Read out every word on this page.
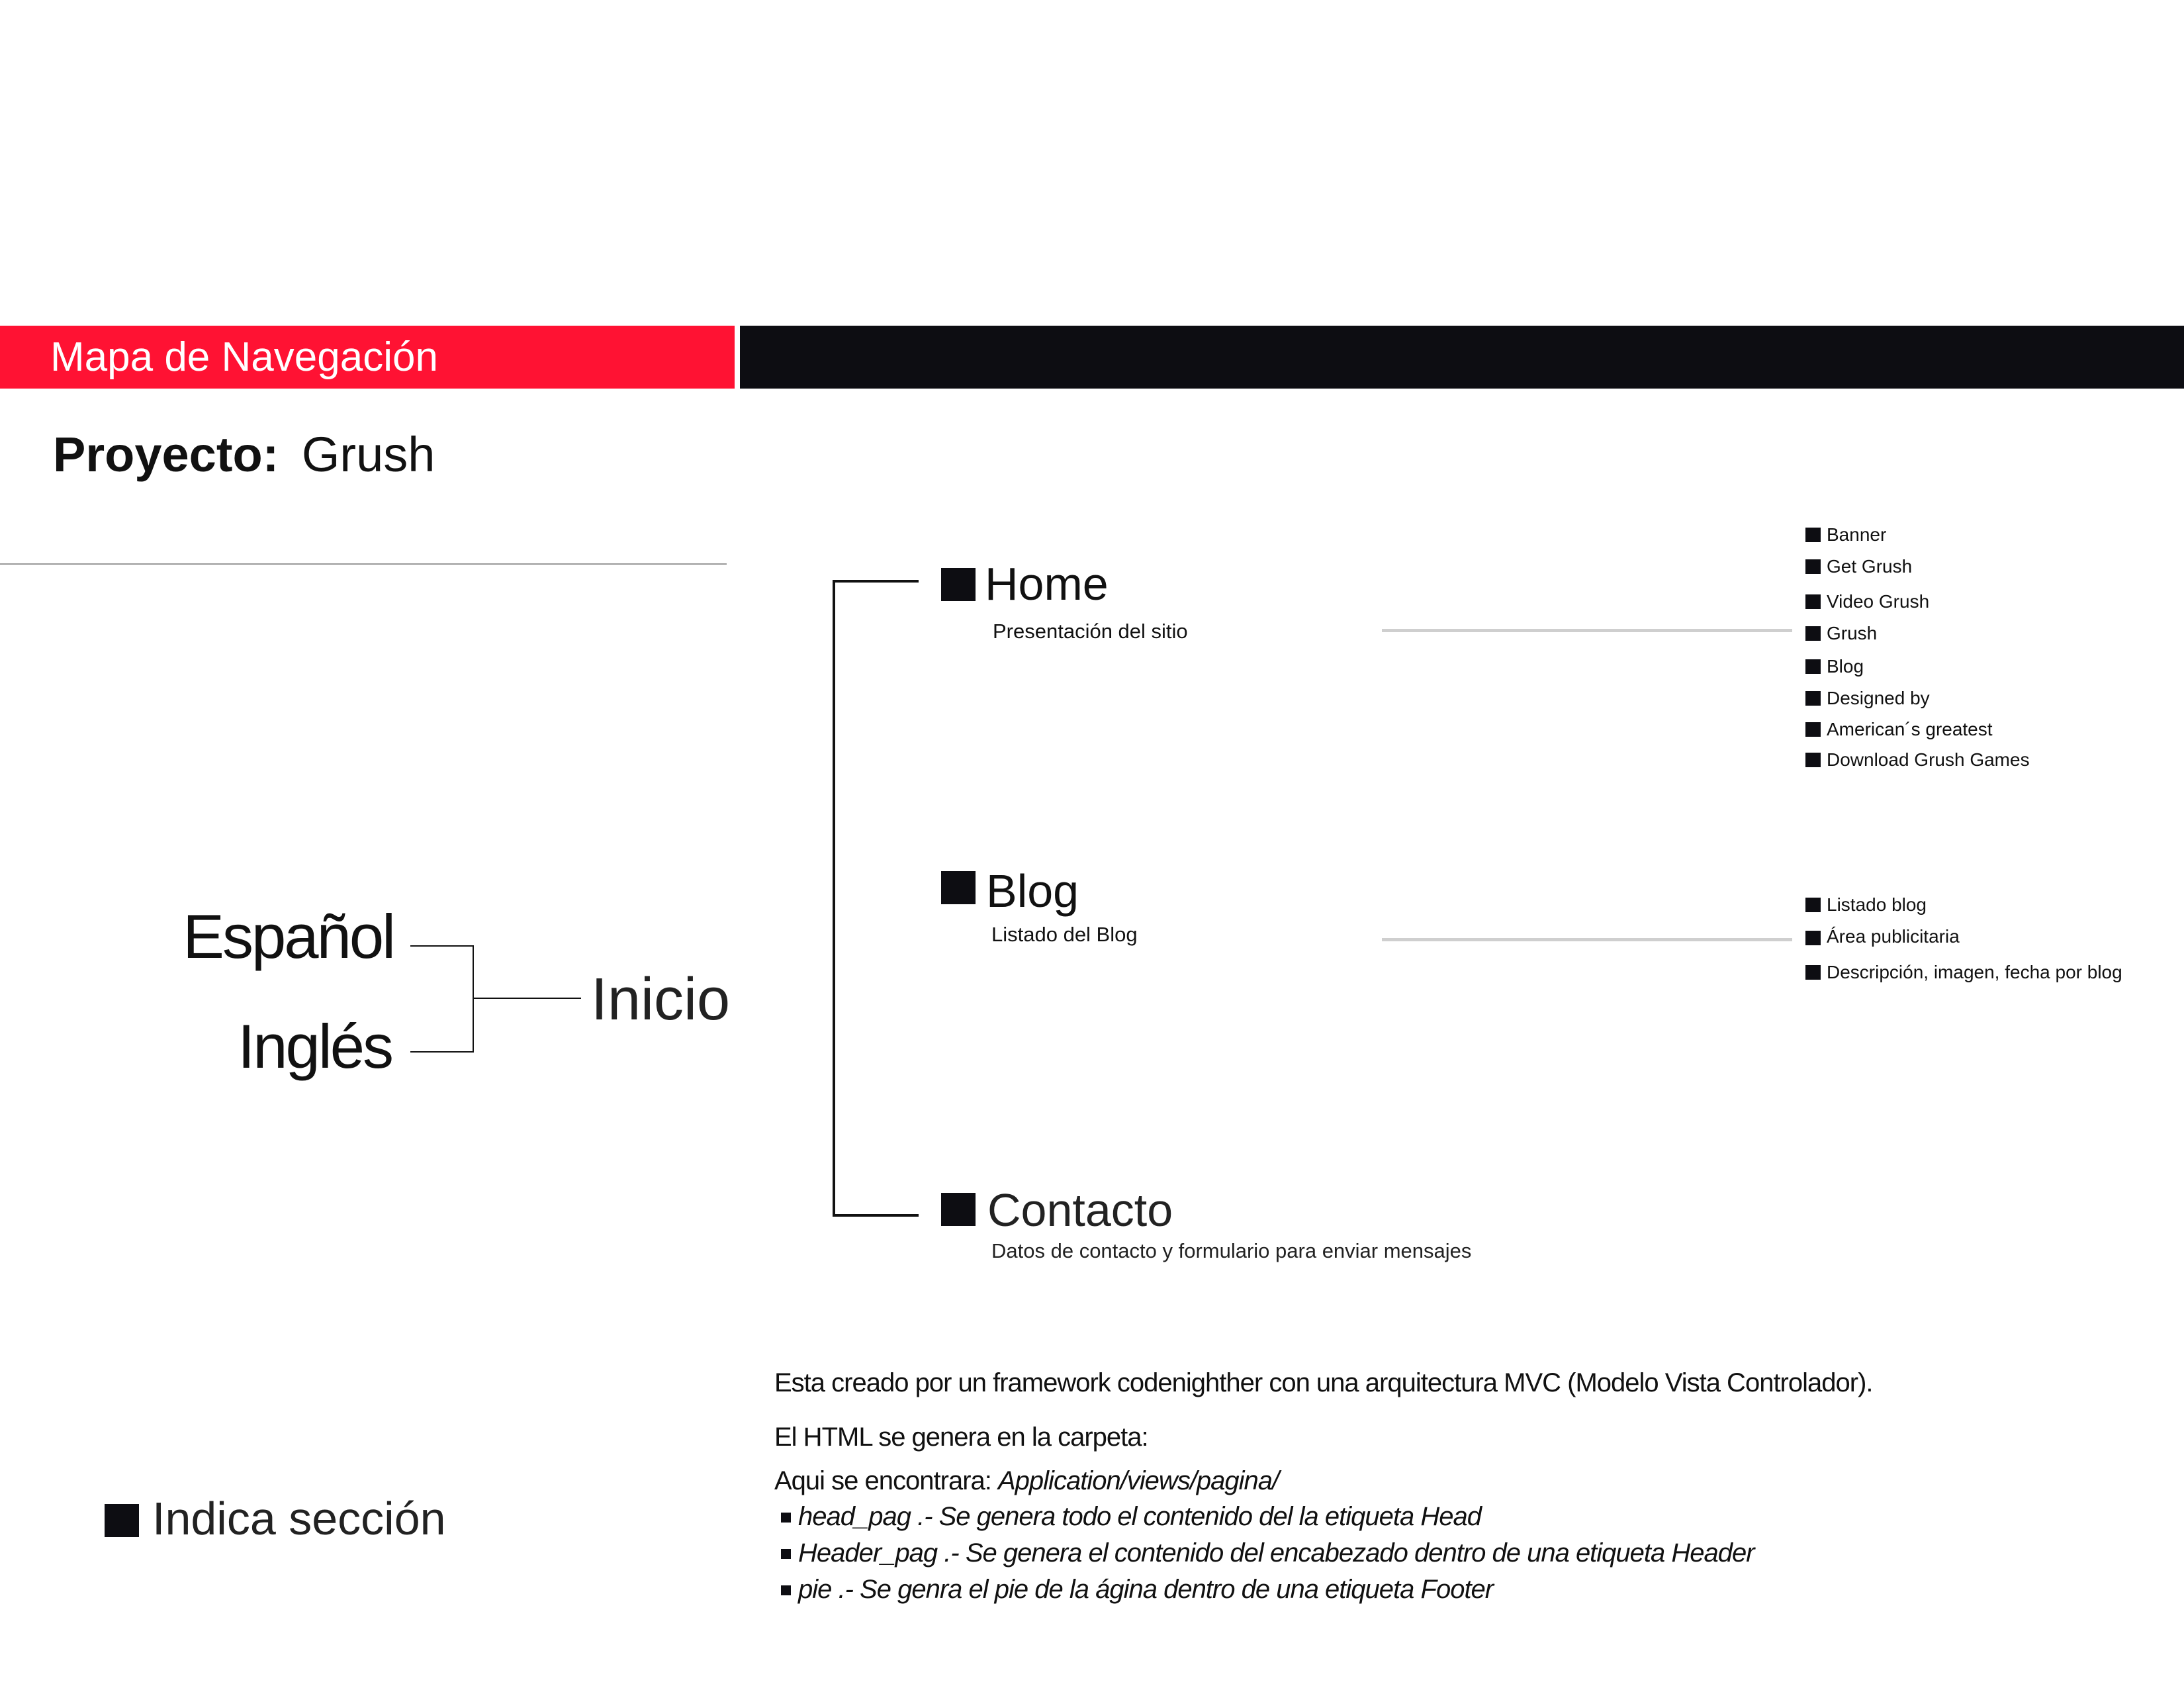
Mapa de Navegación
Proyecto: Grush
Español
Inglés
Inicio
Home
Presentación del sitio
Banner
Get Grush
Video Grush
Grush
Blog
Designed by
American´s greatest
Download Grush Games
Blog
Listado del Blog
Listado blog
Área publicitaria
Descripción, imagen, fecha por blog
Contacto
Datos de contacto y formulario para enviar mensajes
Indica sección
Esta creado por un framework codenighther con una arquitectura MVC (Modelo Vista Controlador).
El HTML se genera en la carpeta:
Aqui se encontrara: Application/views/pagina/
head_pag .- Se genera todo el contenido del la etiqueta Head
Header_pag .- Se genera el contenido del encabezado dentro de una etiqueta Header
pie .- Se genra el pie de la ágina dentro de una etiqueta Footer
